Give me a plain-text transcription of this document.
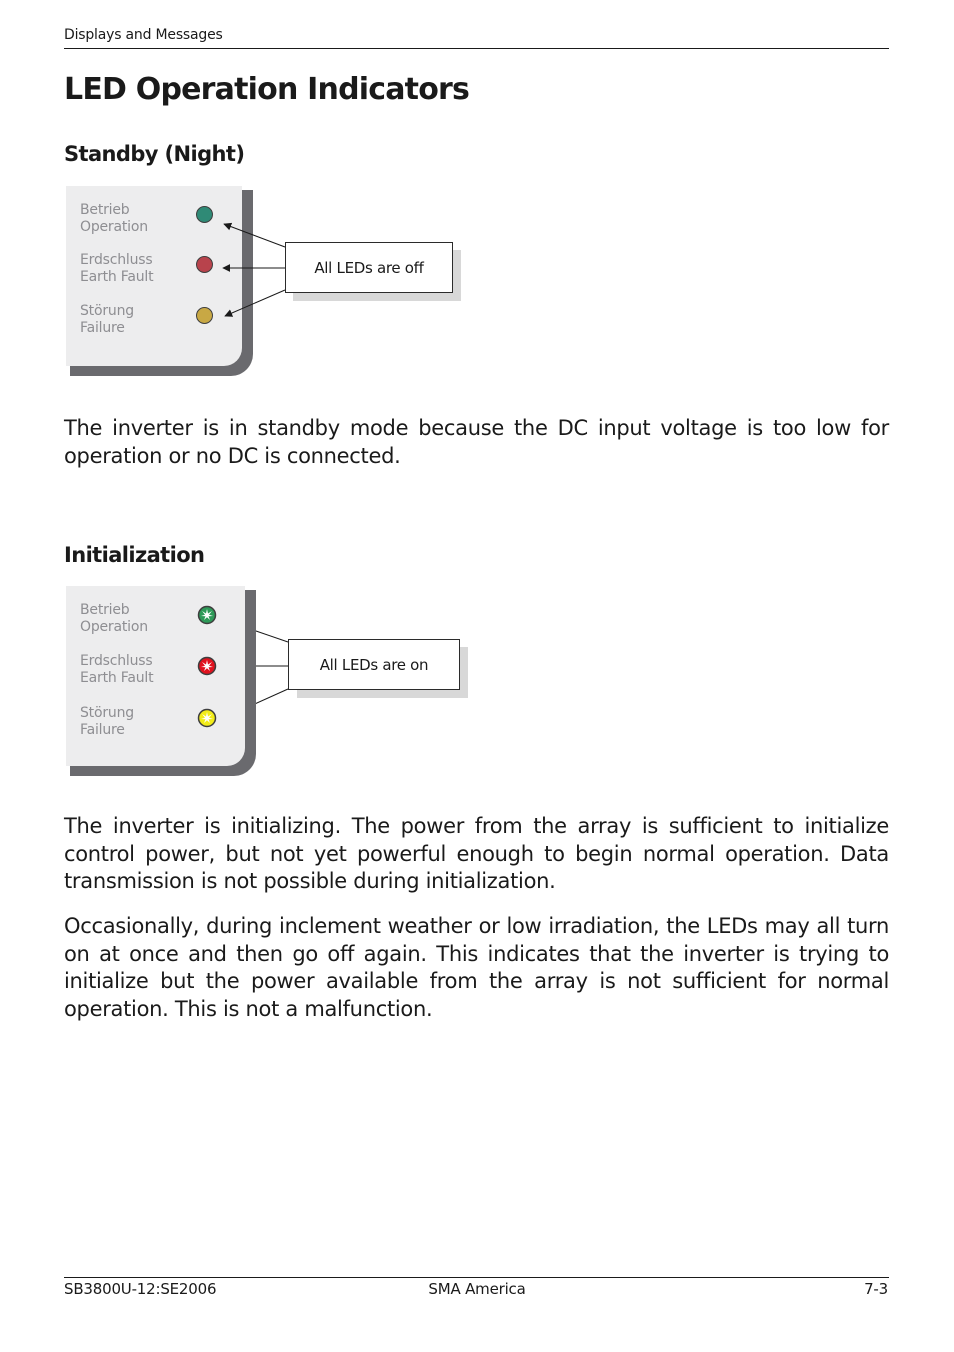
Displays and Messages
LED Operation Indicators
Standby (Night)
Betrieb
Operation
Erdschluss
Earth Fault
Störung
Failure
All LEDs are off

The inverter is in standby mode because the DC input voltage is too low for operation or no DC is connected.

Initialization
Betrieb
Operation
Erdschluss
Earth Fault
Störung
Failure
All LEDs are on

The inverter is initializing. The power from the array is sufficient to initialize control power, but not yet powerful enough to begin normal operation. Data transmission is not possible during initialization.

Occasionally, during inclement weather or low irradiation, the LEDs may all turn on at once and then go off again. This indicates that the inverter is trying to initialize but the power available from the array is not sufficient for normal operation. This is not a malfunction.

SB3800U-12:SE2006	SMA America	7-3
